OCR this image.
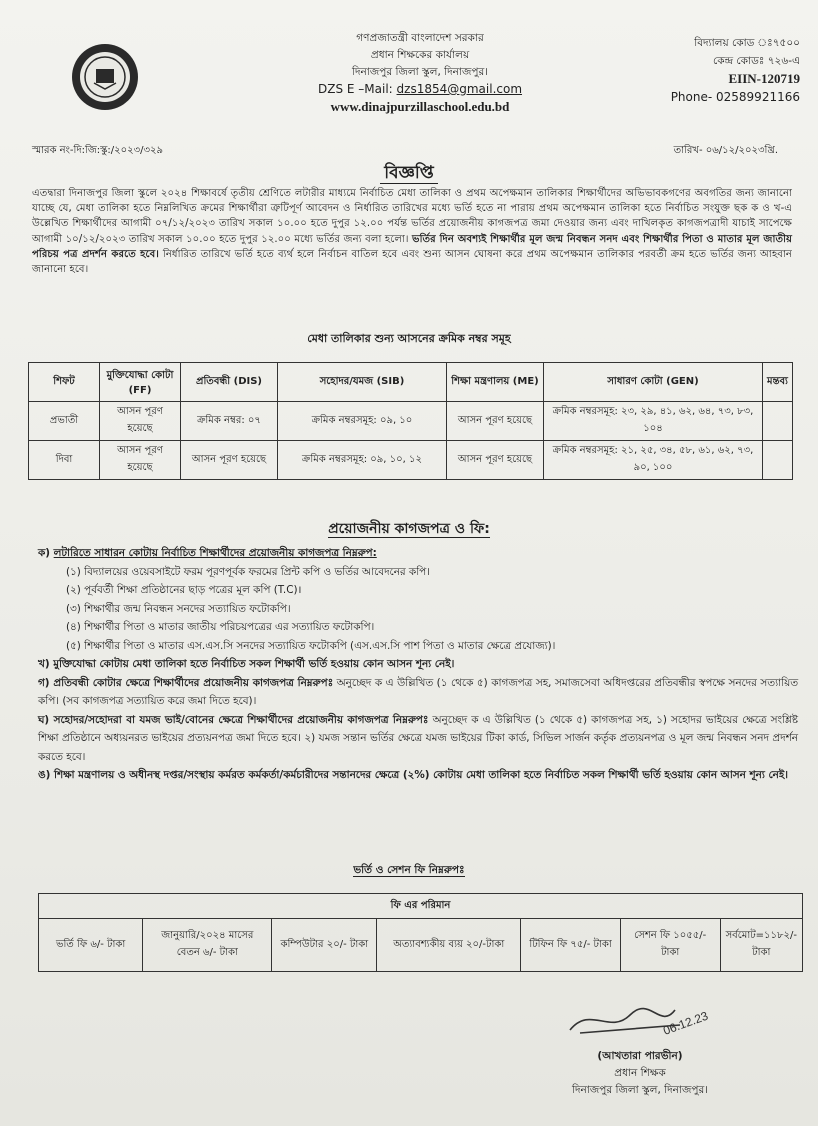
গণপ্রজাতন্ত্রী বাংলাদেশ সরকার
প্রধান শিক্ষকের কার্যালয়
দিনাজপুর জিলা স্কুল, দিনাজপুর।
DZS E –Mail: dzs1854@gmail.com
www.dinajpurzillaschool.edu.bd
বিদ্যালয় কোড ঃ৭৫০০
কেন্দ্র কোডঃ ৭২৬-এ
EIIN-120719
Phone- 02589921166
স্মারক নং-দি:জি:স্কু:/২০২৩/৩২৯	তারিখ- ০৬/১২/২০২৩খ্রি.
বিজ্ঞপ্তি
এতদ্বারা দিনাজপুর জিলা স্কুলে ২০২৪ শিক্ষাবর্ষে তৃতীয় শ্রেণিতে লটারীর মাধ্যমে নির্বাচিত মেধা তালিকা ও প্রথম অপেক্ষমান তালিকার শিক্ষার্থীদের অভিভাবকগণের অবগতির জন্য জানানো যাচ্ছে যে, মেধা তালিকা হতে নিম্নলিখিত ক্রমের শিক্ষার্থীরা ত্রুটিপূর্ণ আবেদন ও নির্ধারিত তারিখের মধ্যে ভর্তি হতে না পারায় প্রথম অপেক্ষমান তালিকা হতে নির্বাচিত সংযুক্ত ছক ক ও খ-এ উল্লেখিত শিক্ষার্থীদের আগামী ০৭/১২/২০২৩ তারিখ সকাল ১০.০০ হতে দুপুর ১২.০০ পর্যন্ত ভর্তির প্রয়োজনীয় কাগজপত্র জমা দেওয়ার জন্য এবং দাখিলকৃত কাগজপত্রাদী যাচাই সাপেক্ষে আগামী ১০/১২/২০২৩ তারিখ সকাল ১০.০০ হতে দুপুর ১২.০০ মধ্যে ভর্তির জন্য বলা হলো। ভর্তির দিন অবশ্যই শিক্ষার্থীর মূল জন্ম নিবন্ধন সনদ এবং শিক্ষার্থীর পিতা ও মাতার মূল জাতীয় পরিচয় পত্র প্রদর্শন করতে হবে। নির্ধারিত তারিখে ভর্তি হতে ব্যর্থ হলে নির্বাচন বাতিল হবে এবং শুন্য আসন ঘোষনা করে প্রথম অপেক্ষমান তালিকার পরবর্তী ক্রম হতে ভর্তির জন্য আহবান জানানো হবে।
মেধা তালিকার শুন্য আসনের ক্রমিক নম্বর সমূহ
শিফট	মুক্তিযোদ্ধা কোটা (FF)	প্রতিবন্ধী (DIS)	সহোদর/যমজ (SIB)	শিক্ষা মন্ত্রণালয় (ME)	সাধারণ কোটা (GEN)	মন্তব্য
প্রভাতী	আসন পূরণ হয়েছে	ক্রমিক নম্বর: ০৭	ক্রমিক নম্বরসমূহ: ০৯, ১০	আসন পূরণ হয়েছে	ক্রমিক নম্বরসমূহ: ২৩, ২৯, ৪১, ৬২, ৬৪, ৭৩, ৮৩, ১০৪	
দিবা	আসন পূরণ হয়েছে	আসন পূরণ হয়েছে	ক্রমিক নম্বরসমূহ: ০৯, ১০, ১২	আসন পূরণ হয়েছে	ক্রমিক নম্বরসমূহ: ২১, ২৫, ৩৪, ৫৮, ৬১, ৬২, ৭৩, ৯০, ১০০	
প্রয়োজনীয় কাগজপত্র ও ফি:
ক) লটারিতে সাধারন কোটায় নির্বাচিত শিক্ষার্থীদের প্রয়োজনীয় কাগজপত্র নিম্নরুপ:
(১) বিদ্যালয়ের ওয়েবসাইটে ফরম পূরণপূর্বক ফরমের প্রিন্ট কপি ও ভর্তির আবেদনের কপি।
(২) পূর্ববর্তী শিক্ষা প্রতিষ্ঠানের ছাড় পত্রের মূল কপি (T.C)।
(৩) শিক্ষার্থীর জন্ম নিবন্ধন সনদের সত্যায়িত ফটোকপি।
(৪) শিক্ষার্থীর পিতা ও মাতার জাতীয় পরিচয়পত্রের এর সত্যায়িত ফটোকপি।
(৫) শিক্ষার্থীর পিতা ও মাতার এস.এস.সি সনদের সত্যায়িত ফটোকপি (এস.এস.সি পাশ পিতা ও মাতার ক্ষেত্রে প্রযোজ্য)।
খ) মুক্তিযোদ্ধা কোটায় মেধা তালিকা হতে নির্বাচিত সকল শিক্ষার্থী ভর্তি হওয়ায় কোন আসন শূন্য নেই।
গ) প্রতিবন্ধী কোটার ক্ষেত্রে শিক্ষার্থীদের প্রয়োজনীয় কাগজপত্র নিম্নরুপঃ অনুচ্ছেদ ক এ উল্লিখিত (১ থেকে ৫) কাগজপত্র সহ, সমাজসেবা অধিদপ্তরের প্রতিবন্ধীর স্বপক্ষে সনদের সত্যায়িত কপি। (সব কাগজপত্র সত্যায়িত করে জমা দিতে হবে)।
ঘ) সহোদর/সহোদরা বা যমজ ভাই/বোনের ক্ষেত্রে শিক্ষার্থীদের প্রয়োজনীয় কাগজপত্র নিম্নরুপঃ অনুচ্ছেদ ক এ উল্লিখিত (১ থেকে ৫) কাগজপত্র সহ, ১) সহোদর ভাইয়ের ক্ষেত্রে সংশ্লিষ্ট শিক্ষা প্রতিষ্ঠানে অধ্যয়নরত ভাইয়ের প্রত্যয়নপত্র জমা দিতে হবে। ২) যমজ সন্তান ভর্তির ক্ষেত্রে যমজ ভাইয়ের টিকা কার্ড, সিভিল সার্জন কর্তৃক প্রত্যয়নপত্র ও মূল জন্ম নিবন্ধন সনদ প্রদর্শন করতে হবে।
ঙ) শিক্ষা মন্ত্রণালয় ও অধীনস্থ দপ্তর/সংস্থায় কর্মরত কর্মকর্তা/কর্মচারীদের সন্তানদের ক্ষেত্রে (২%) কোটায় মেধা তালিকা হতে নির্বাচিত সকল শিক্ষার্থী ভর্তি হওয়ায় কোন আসন শূন্য নেই।
ভর্তি ও সেশন ফি নিম্নরুপঃ
ফি এর পরিমান
ভর্তি ফি ৬/- টাকা	জানুয়ারি/২০২৪ মাসের বেতন ৬/- টাকা	কম্পিউটার ২০/- টাকা	অত্যাবশ্যকীয় ব্যয় ২০/-টাকা	টিফিন ফি ৭৫/- টাকা	সেশন ফি ১০৫৫/-টাকা	সর্বমোট=১১৮২/- টাকা
06.12.23
(আখতারা পারভীন)
প্রধান শিক্ষক
দিনাজপুর জিলা স্কুল, দিনাজপুর।
